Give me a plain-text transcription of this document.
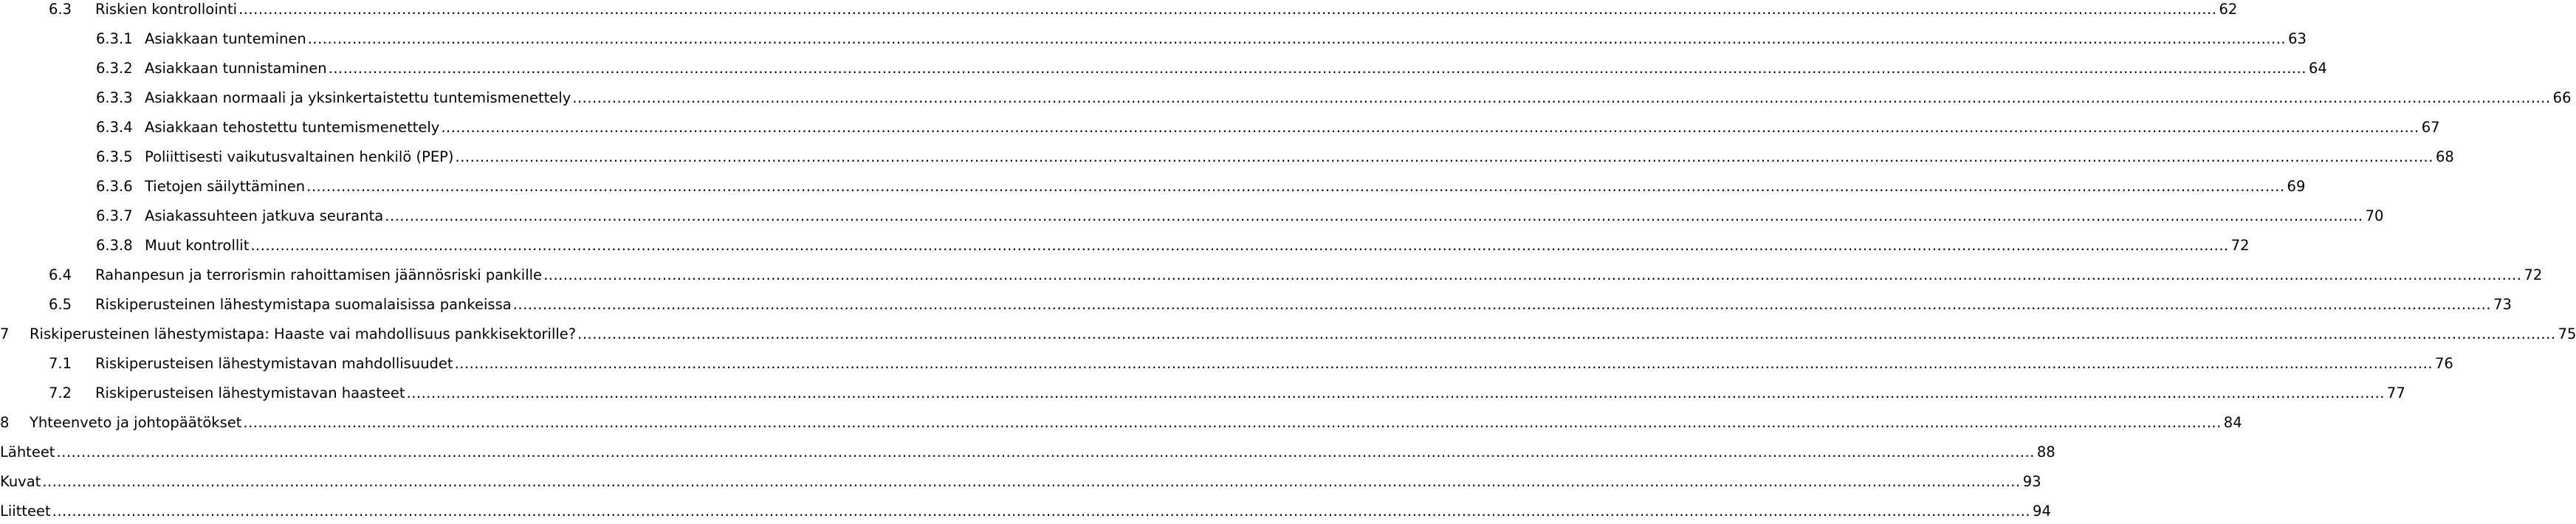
6.3	Riskien kontrollointi ................................................................................................................................................................................................................................................................................................................................................................................................................ 62
6.3.1 Asiakkaan tunteminen ................................................................................................................................................................................................................................................................................................................................................................................................................ 63
6.3.2 Asiakkaan tunnistaminen ................................................................................................................................................................................................................................................................................................................................................................................................................ 64
6.3.3 Asiakkaan normaali ja yksinkertaistettu tuntemismenettely ................................................................................................................................................................................................................................................................................................................................................................................................................ 66
6.3.4 Asiakkaan tehostettu tuntemismenettely ................................................................................................................................................................................................................................................................................................................................................................................................................ 67
6.3.5 Poliittisesti vaikutusvaltainen henkilö (PEP) ................................................................................................................................................................................................................................................................................................................................................................................................................ 68
6.3.6 Tietojen säilyttäminen ................................................................................................................................................................................................................................................................................................................................................................................................................ 69
6.3.7 Asiakassuhteen jatkuva seuranta ................................................................................................................................................................................................................................................................................................................................................................................................................ 70
6.3.8 Muut kontrollit ................................................................................................................................................................................................................................................................................................................................................................................................................ 72
6.4	Rahanpesun ja terrorismin rahoittamisen jäännösriski pankille ................................................................................................................................................................................................................................................................................................................................................................................................................ 72
6.5	Riskiperusteinen lähestymistapa suomalaisissa pankeissa ................................................................................................................................................................................................................................................................................................................................................................................................................ 73
7	Riskiperusteinen lähestymistapa: Haaste vai mahdollisuus pankkisektorille? ................................................................................................................................................................................................................................................................................................................................................................................................................ 75
7.1	Riskiperusteisen lähestymistavan mahdollisuudet ................................................................................................................................................................................................................................................................................................................................................................................................................ 76
7.2	Riskiperusteisen lähestymistavan haasteet ................................................................................................................................................................................................................................................................................................................................................................................................................ 77
8	Yhteenveto ja johtopäätökset ................................................................................................................................................................................................................................................................................................................................................................................................................ 84
Lähteet ................................................................................................................................................................................................................................................................................................................................................................................................................ 88
Kuvat ................................................................................................................................................................................................................................................................................................................................................................................................................ 93
Liitteet ................................................................................................................................................................................................................................................................................................................................................................................................................ 94
